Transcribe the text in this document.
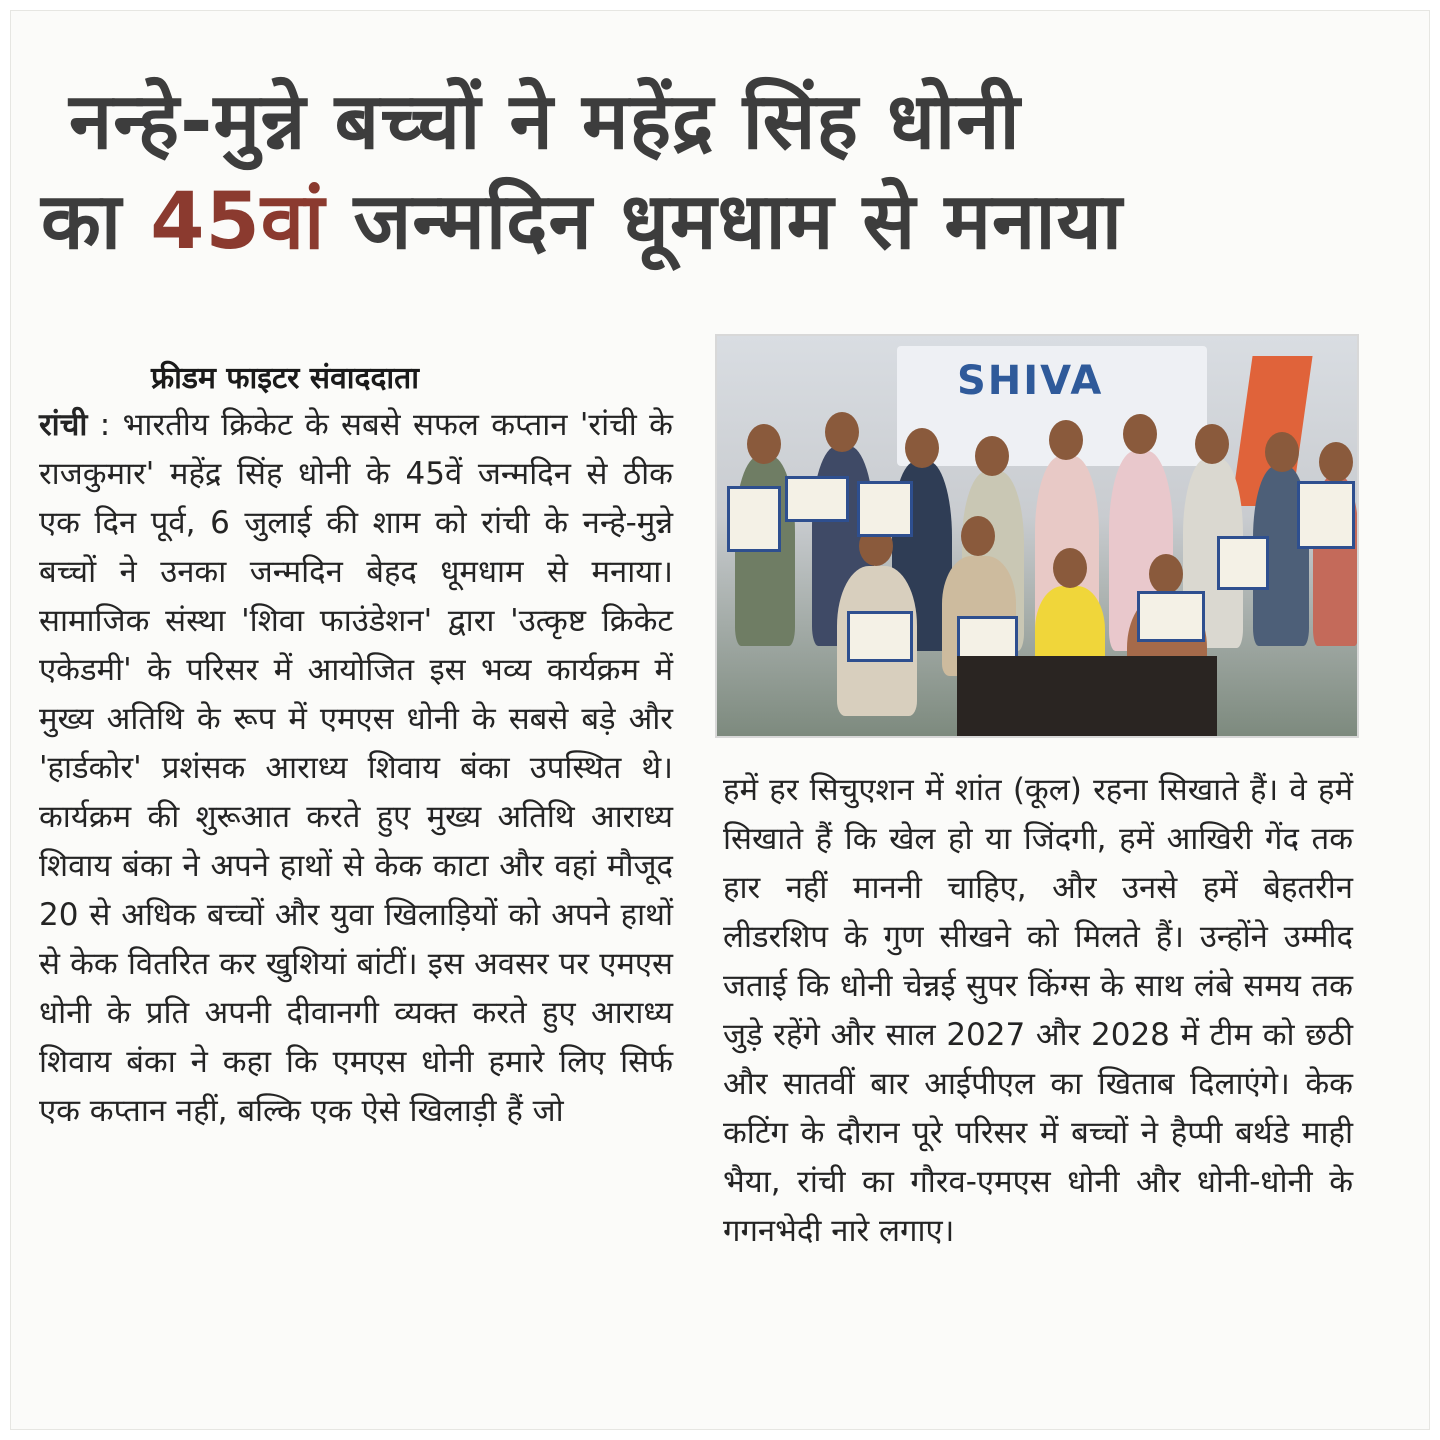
नन्हे-मुन्ने बच्चों ने महेंद्र सिंह धोनी
का 45वां जन्मदिन धूमधाम से मनाया
फ्रीडम फाइटर संवाददाता
रांची : भारतीय क्रिकेट के सबसे सफल कप्तान 'रांची के राजकुमार' महेंद्र सिंह धोनी के 45वें जन्मदिन से ठीक एक दिन पूर्व, 6 जुलाई की शाम को रांची के नन्हे-मुन्ने बच्चों ने उनका जन्मदिन बेहद धूमधाम से मनाया। सामाजिक संस्था 'शिवा फाउंडेशन' द्वारा 'उत्कृष्ट क्रिकेट एकेडमी' के परिसर में आयोजित इस भव्य कार्यक्रम में मुख्य अतिथि के रूप में एमएस धोनी के सबसे बड़े और 'हार्डकोर' प्रशंसक आराध्य शिवाय बंका उपस्थित थे। कार्यक्रम की शुरूआत करते हुए मुख्य अतिथि आराध्य शिवाय बंका ने अपने हाथों से केक काटा और वहां मौजूद 20 से अधिक बच्चों और युवा खिलाड़ियों को अपने हाथों से केक वितरित कर खुशियां बांटीं। इस अवसर पर एमएस धोनी के प्रति अपनी दीवानगी व्यक्त करते हुए आराध्य शिवाय बंका ने कहा कि एमएस धोनी हमारे लिए सिर्फ एक कप्तान नहीं, बल्कि एक ऐसे खिलाड़ी हैं जो
SHIVA
हमें हर सिचुएशन में शांत (कूल) रहना सिखाते हैं। वे हमें सिखाते हैं कि खेल हो या जिंदगी, हमें आखिरी गेंद तक हार नहीं माननी चाहिए, और उनसे हमें बेहतरीन लीडरशिप के गुण सीखने को मिलते हैं। उन्होंने उम्मीद जताई कि धोनी चेन्नई सुपर किंग्स के साथ लंबे समय तक जुड़े रहेंगे और साल 2027 और 2028 में टीम को छठी और सातवीं बार आईपीएल का खिताब दिलाएंगे। केक कटिंग के दौरान पूरे परिसर में बच्चों ने हैप्पी बर्थडे माही भैया, रांची का गौरव-एमएस धोनी और धोनी-धोनी के गगनभेदी नारे लगाए।
